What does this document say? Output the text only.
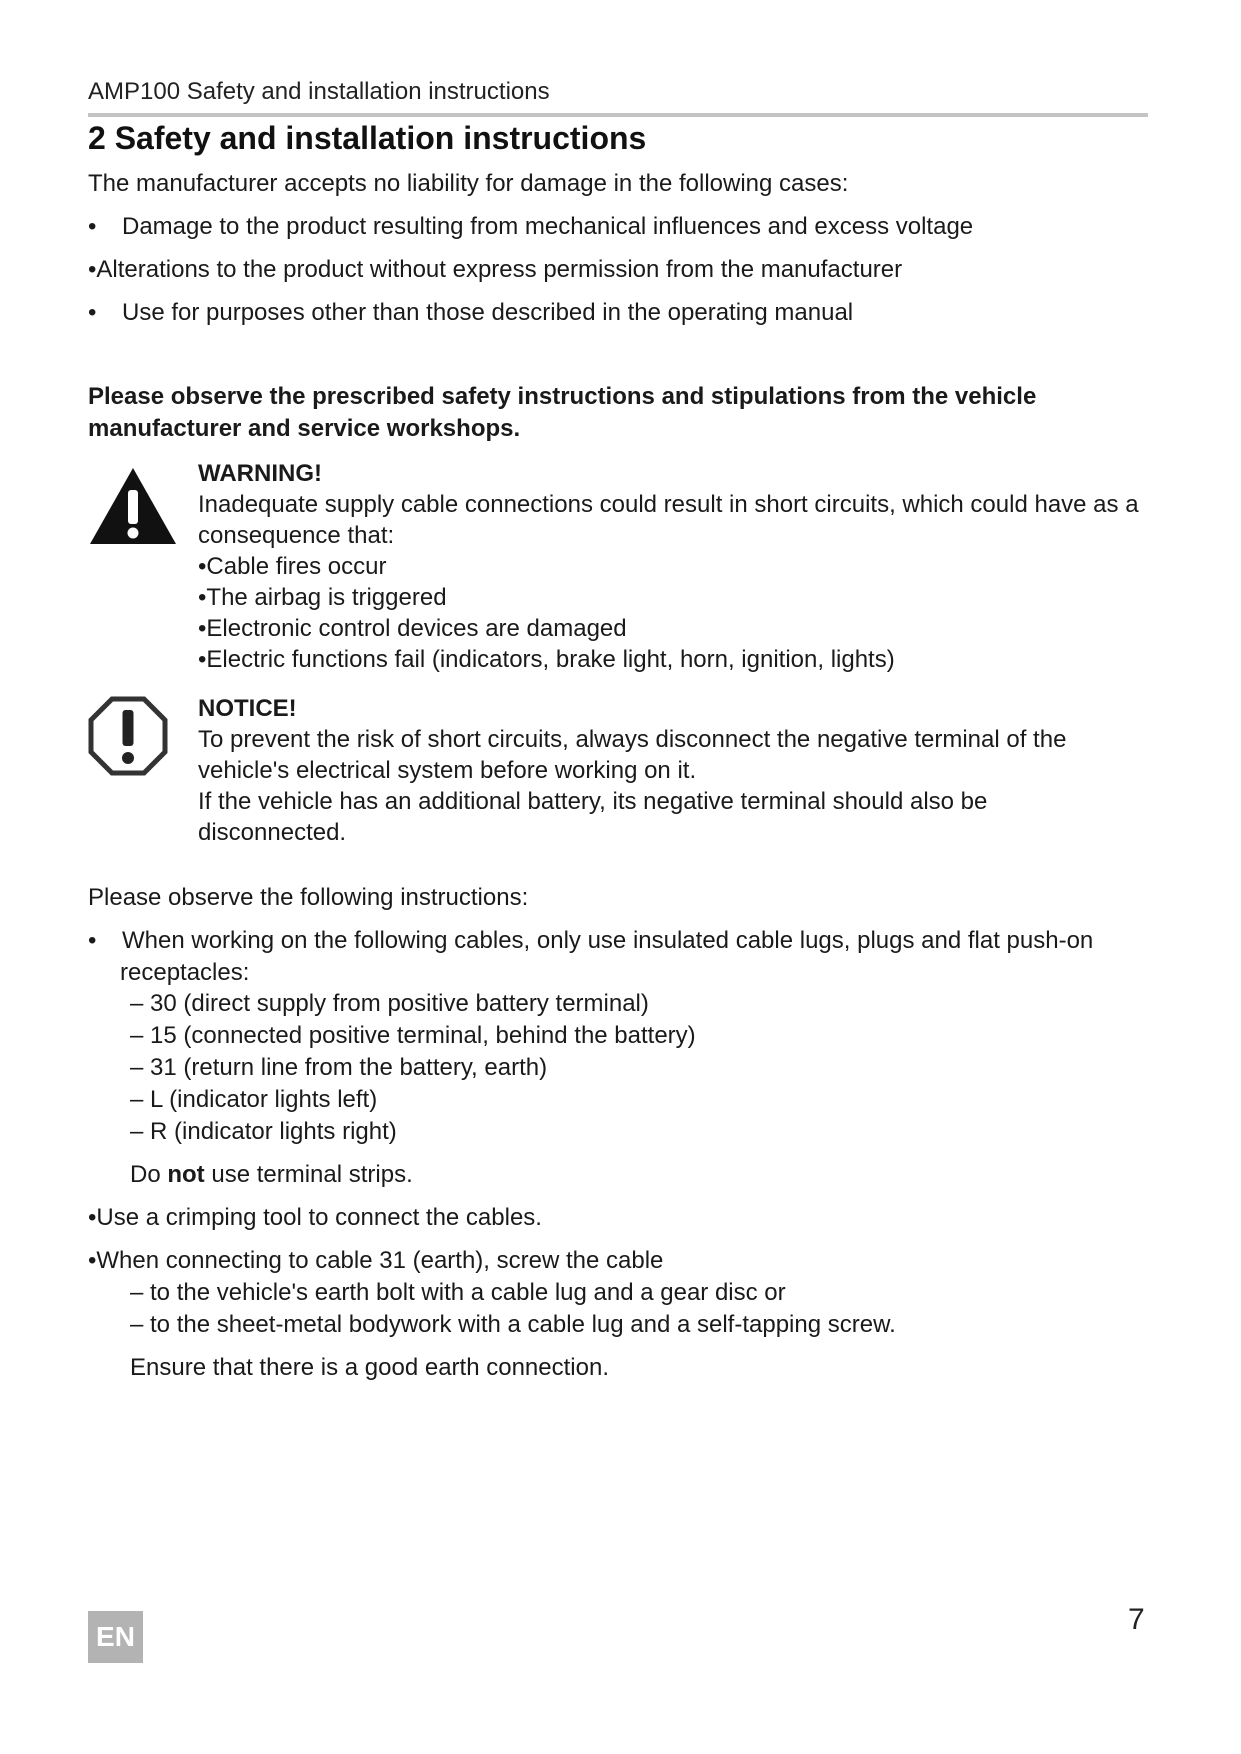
AMP100 Safety and installation instructions
2 Safety and installation instructions

The manufacturer accepts no liability for damage in the following cases:

• Damage to the product resulting from mechanical influences and excess voltage
•Alterations to the product without express permission from the manufacturer
• Use for purposes other than those described in the operating manual
Please observe the prescribed safety instructions and stipulations from the vehicle manufacturer and service workshops.
WARNING!
Inadequate supply cable connections could result in short circuits, which could have as a consequence that:
•Cable fires occur
•The airbag is triggered
•Electronic control devices are damaged
•Electric functions fail (indicators, brake light, horn, ignition, lights)
NOTICE!
To prevent the risk of short circuits, always disconnect the negative terminal of the vehicle's electrical system before working on it.
If the vehicle has an additional battery, its negative terminal should also be disconnected.

Please observe the following instructions:

•	When working on the following cables, only use insulated cable lugs, plugs and flat push-on receptacles:
– 30 (direct supply from positive battery terminal)
– 15 (connected positive terminal, behind the battery)
– 31 (return line from the battery, earth)
– L (indicator lights left)
– R (indicator lights right)
Do not use terminal strips.
•Use a crimping tool to connect the cables.
•When connecting to cable 31 (earth), screw the cable
– to the vehicle's earth bolt with a cable lug and a gear disc or
– to the sheet-metal bodywork with a cable lug and a self-tapping screw.
Ensure that there is a good earth connection.
EN
7
